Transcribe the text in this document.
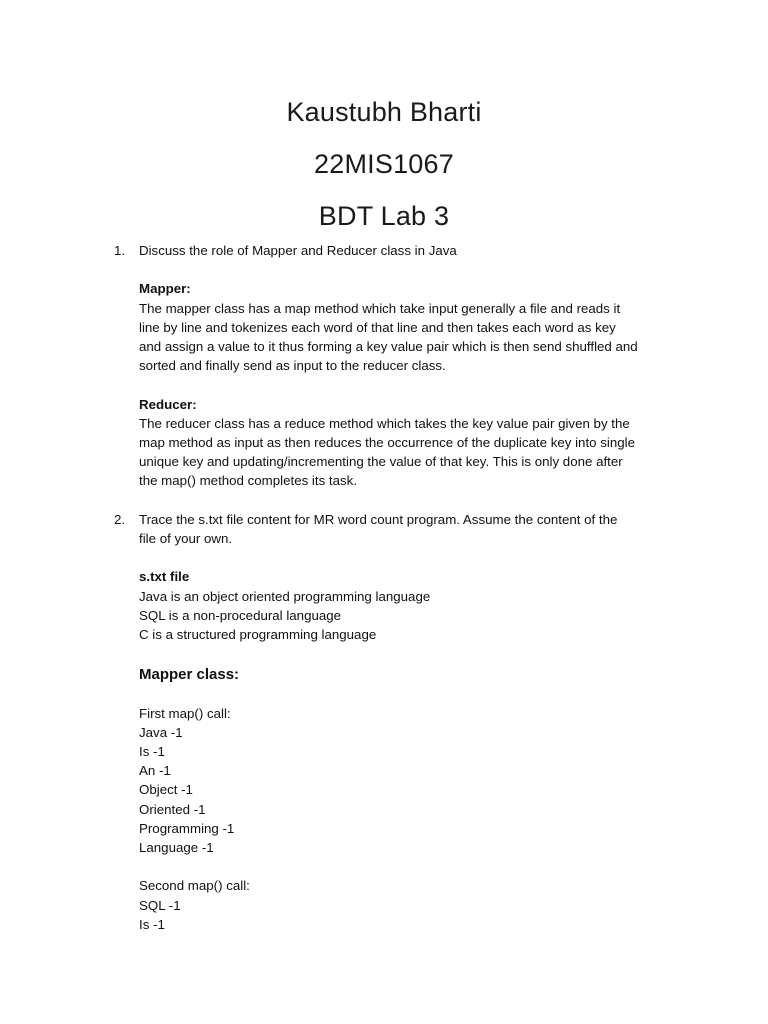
Kaustubh Bharti

22MIS1067

BDT Lab 3

1. Discuss the role of Mapper and Reducer class in Java

Mapper:

The mapper class has a map method which take input generally a file and reads it

line by line and tokenizes each word of that line and then takes each word as key

and assign a value to it thus forming a key value pair which is then send shuffled and

sorted and finally send as input to the reducer class.

Reducer:

The reducer class has a reduce method which takes the key value pair given by the

map method as input as then reduces the occurrence of the duplicate key into single

unique key and updating/incrementing the value of that key. This is only done after

the map() method completes its task.

2. Trace the s.txt file content for MR word count program. Assume the content of the

file of your own.

s.txt file

Java is an object oriented programming language

SQL is a non-procedural language

C is a structured programming language

Mapper class:

First map() call:

Java -1

Is -1

An -1

Object -1

Oriented -1

Programming -1

Language -1

Second map() call:

SQL -1

Is -1
